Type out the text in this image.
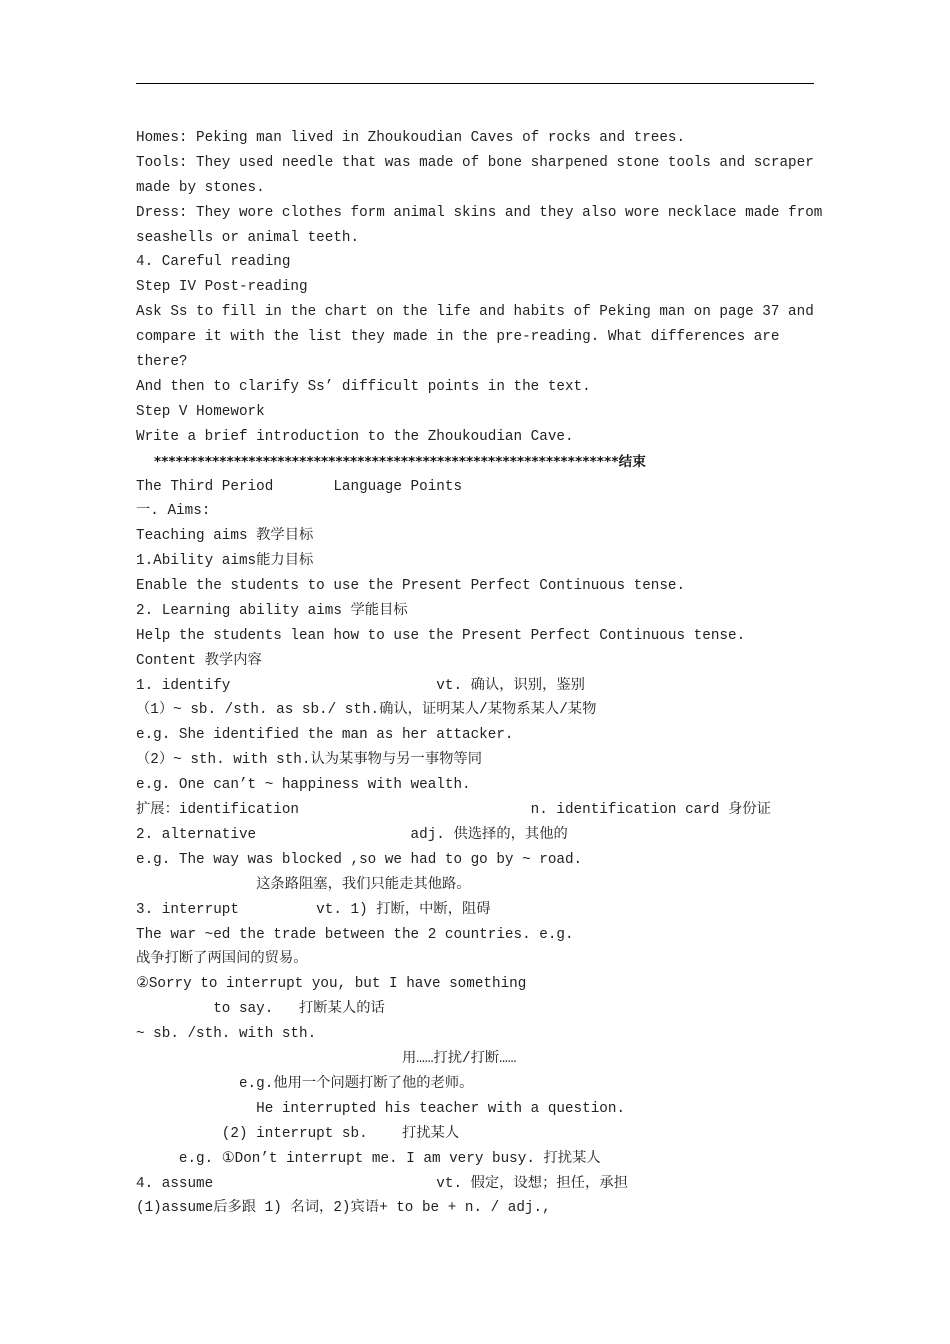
Homes: Peking man lived in Zhoukoudian Caves of rocks and trees.
Tools: They used needle that was made of bone sharpened stone tools and scraper
made by stones.
Dress: They wore clothes form animal skins and they also wore necklace made from
seashells or animal teeth.
4. Careful reading
Step IV Post-reading
Ask Ss to fill in the chart on the life and habits of Peking man on page 37 and
compare it with the list they made in the pre-reading. What differences are
there?
And then to clarify Ss’ difficult points in the text.
Step V Homework
Write a brief introduction to the Zhoukoudian Cave.
****************************************************************结束
The Third Period       Language Points
一. Aims:
Teaching aims 教学目标
1.Ability aims能力目标
Enable the students to use the Present Perfect Continuous tense.
2. Learning ability aims 学能目标
Help the students lean how to use the Present Perfect Continuous tense.
Content 教学内容
1. identify                        vt. 确认，识别，鉴别
（1）~ sb. /sth. as sb./ sth.确认，证明某人/某物系某人/某物
e.g. She identified the man as her attacker.
（2）~ sth. with sth.认为某事物与另一事物等同
e.g. One can’t ~ happiness with wealth.
扩展：identification                           n. identification card 身份证
2. alternative                  adj. 供选择的，其他的
e.g. The way was blocked ,so we had to go by ~ road.
这条路阻塞，我们只能走其他路。
3. interrupt         vt. 1) 打断，中断，阻碍
The war ~ed the trade between the 2 countries. e.g.
战争打断了两国间的贸易。
②Sorry to interrupt you, but I have something
to say.   打断某人的话
~ sb. /sth. with sth.
用……打扰/打断……
e.g.他用一个问题打断了他的老师。
He interrupted his teacher with a question.
(2) interrupt sb.    打扰某人
e.g. ①Don’t interrupt me. I am very busy. 打扰某人
4. assume                          vt. 假定，设想；担任，承担
(1)assume后多跟 1) 名词，2)宾语+ to be + n. / adj.,
